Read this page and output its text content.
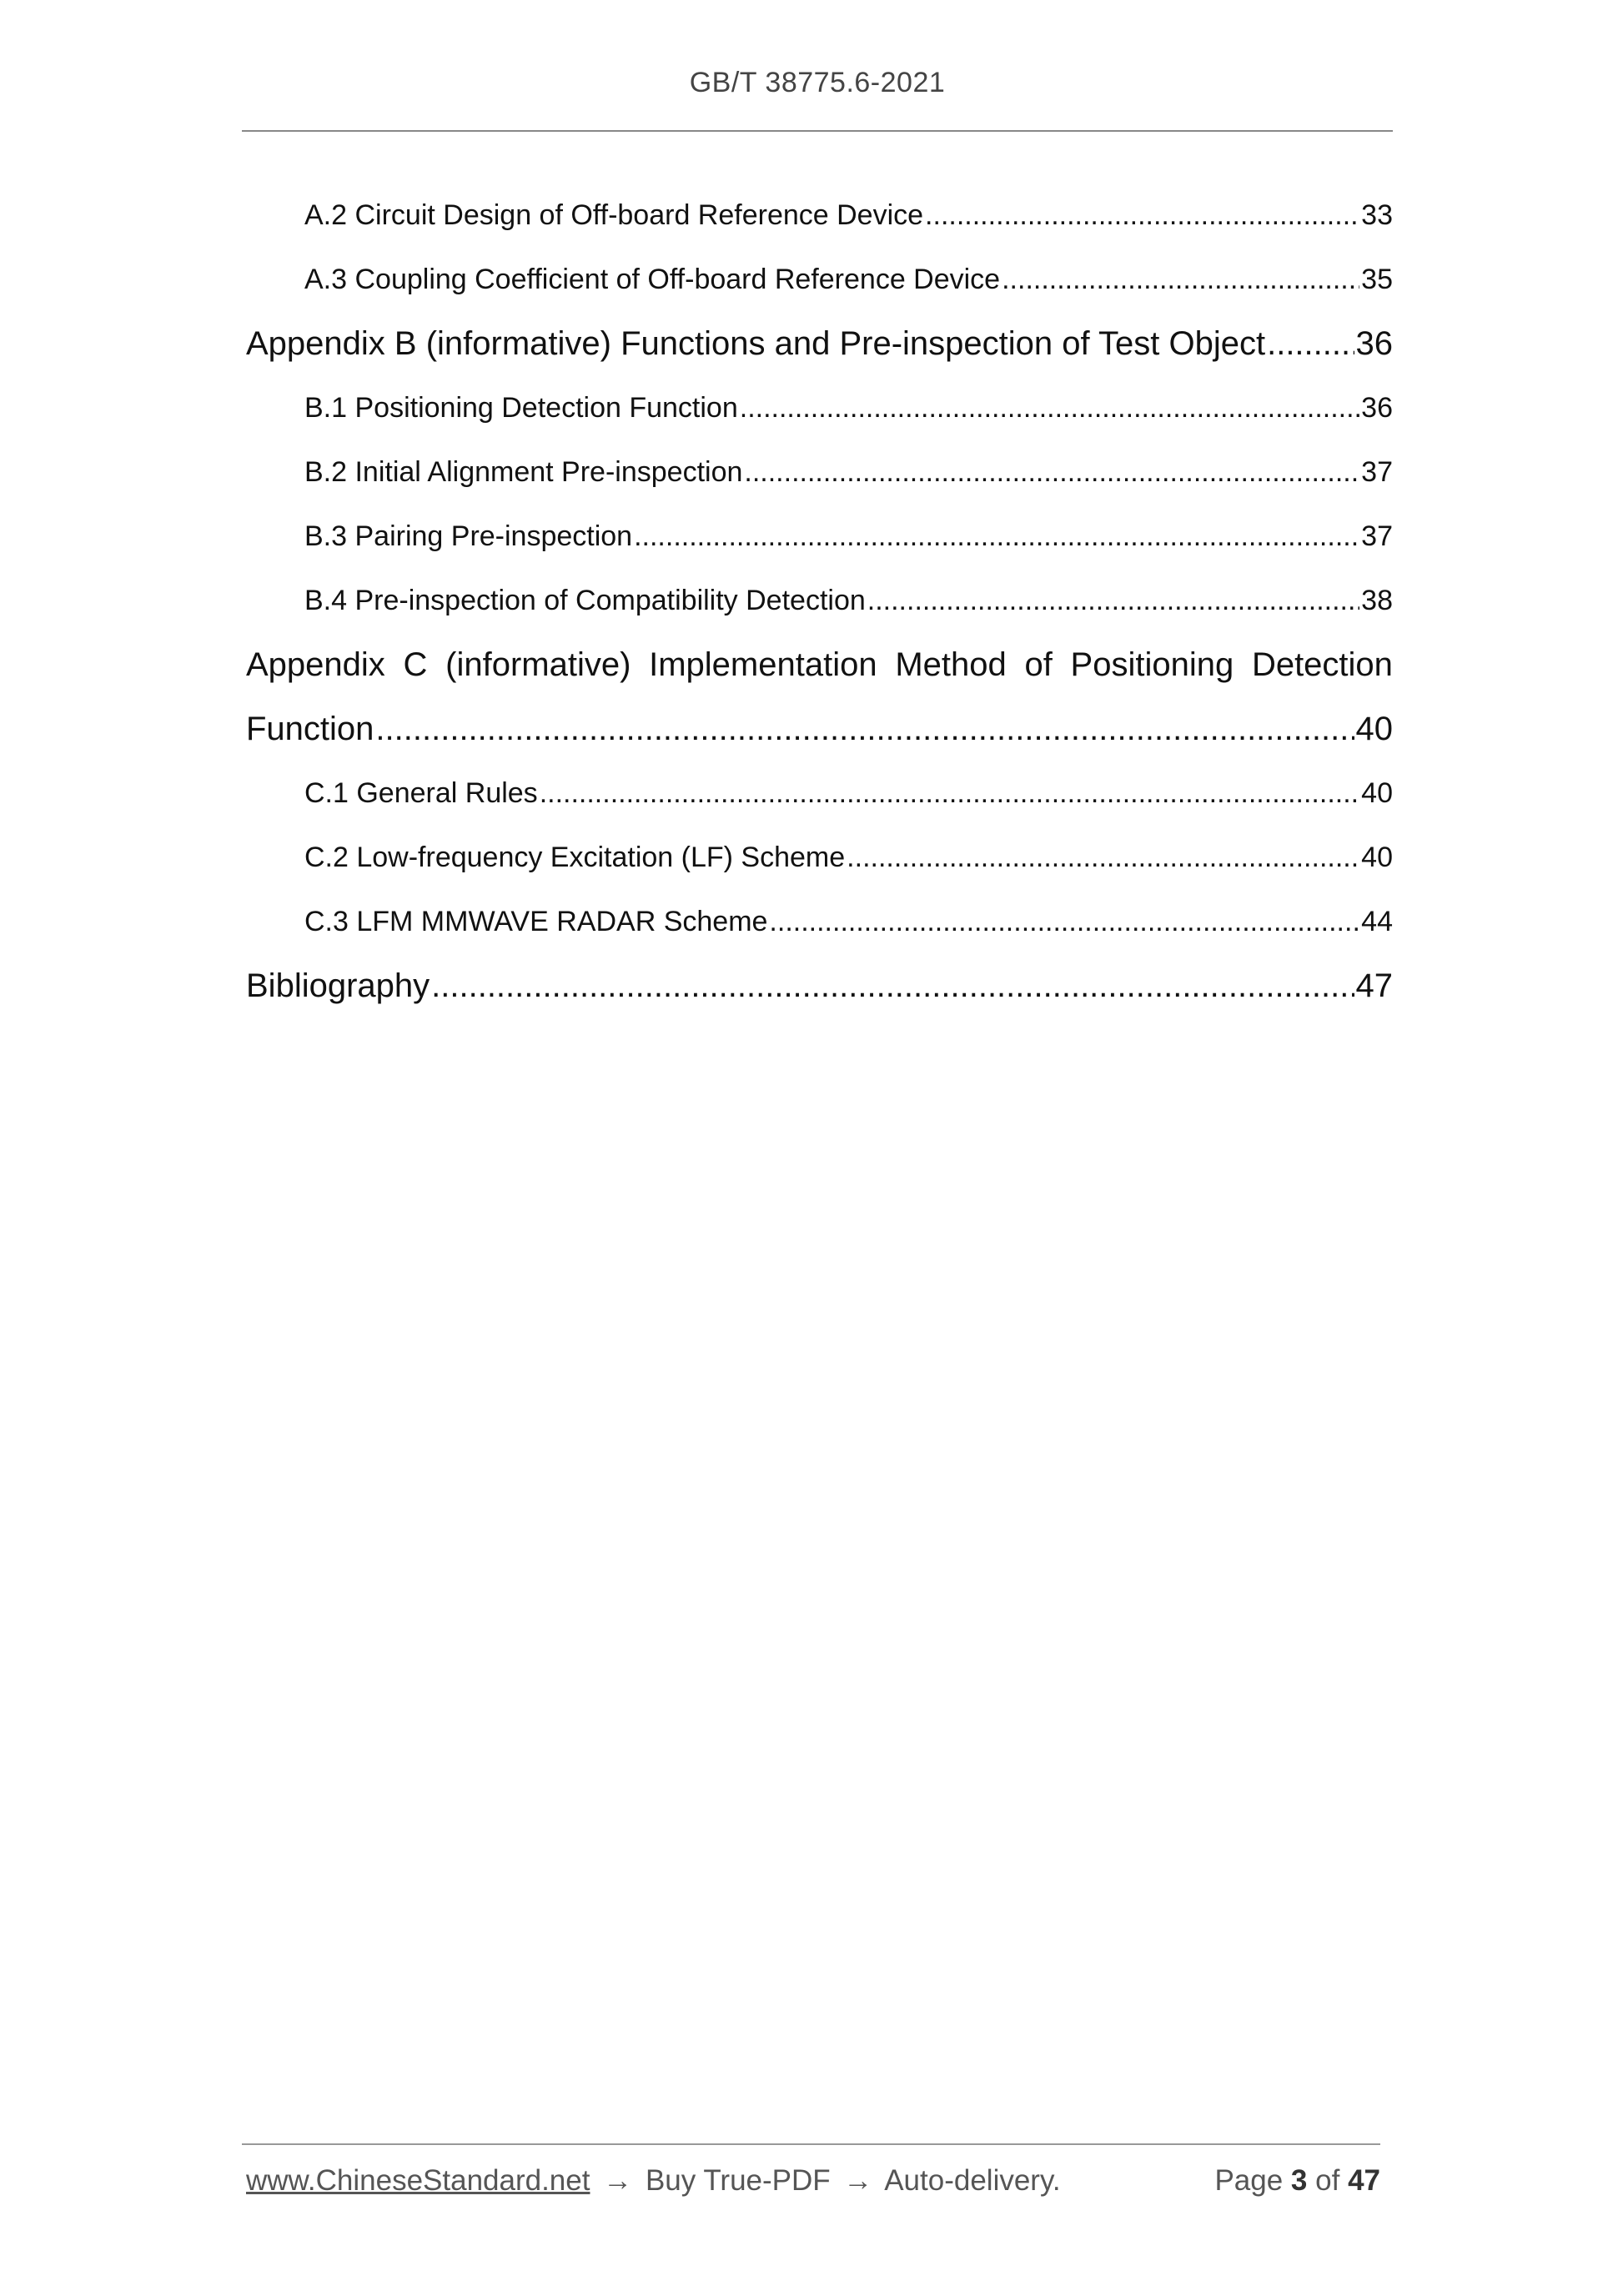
GB/T 38775.6-2021
A.2 Circuit Design of Off-board Reference Device .....	33
A.3 Coupling Coefficient of Off-board Reference Device .....	35
Appendix B (informative) Functions and Pre-inspection of Test Object .....	36
B.1 Positioning Detection Function .....	36
B.2 Initial Alignment Pre-inspection .....	37
B.3 Pairing Pre-inspection .....	37
B.4 Pre-inspection of Compatibility Detection .....	38
Appendix C (informative) Implementation Method of Positioning Detection
Function .....	40
C.1 General Rules .....	40
C.2 Low-frequency Excitation (LF) Scheme .....	40
C.3 LFM MMWAVE RADAR Scheme .....	44
Bibliography .....	47
www.ChineseStandard.net → Buy True-PDF → Auto-delivery.	Page 3 of 47
